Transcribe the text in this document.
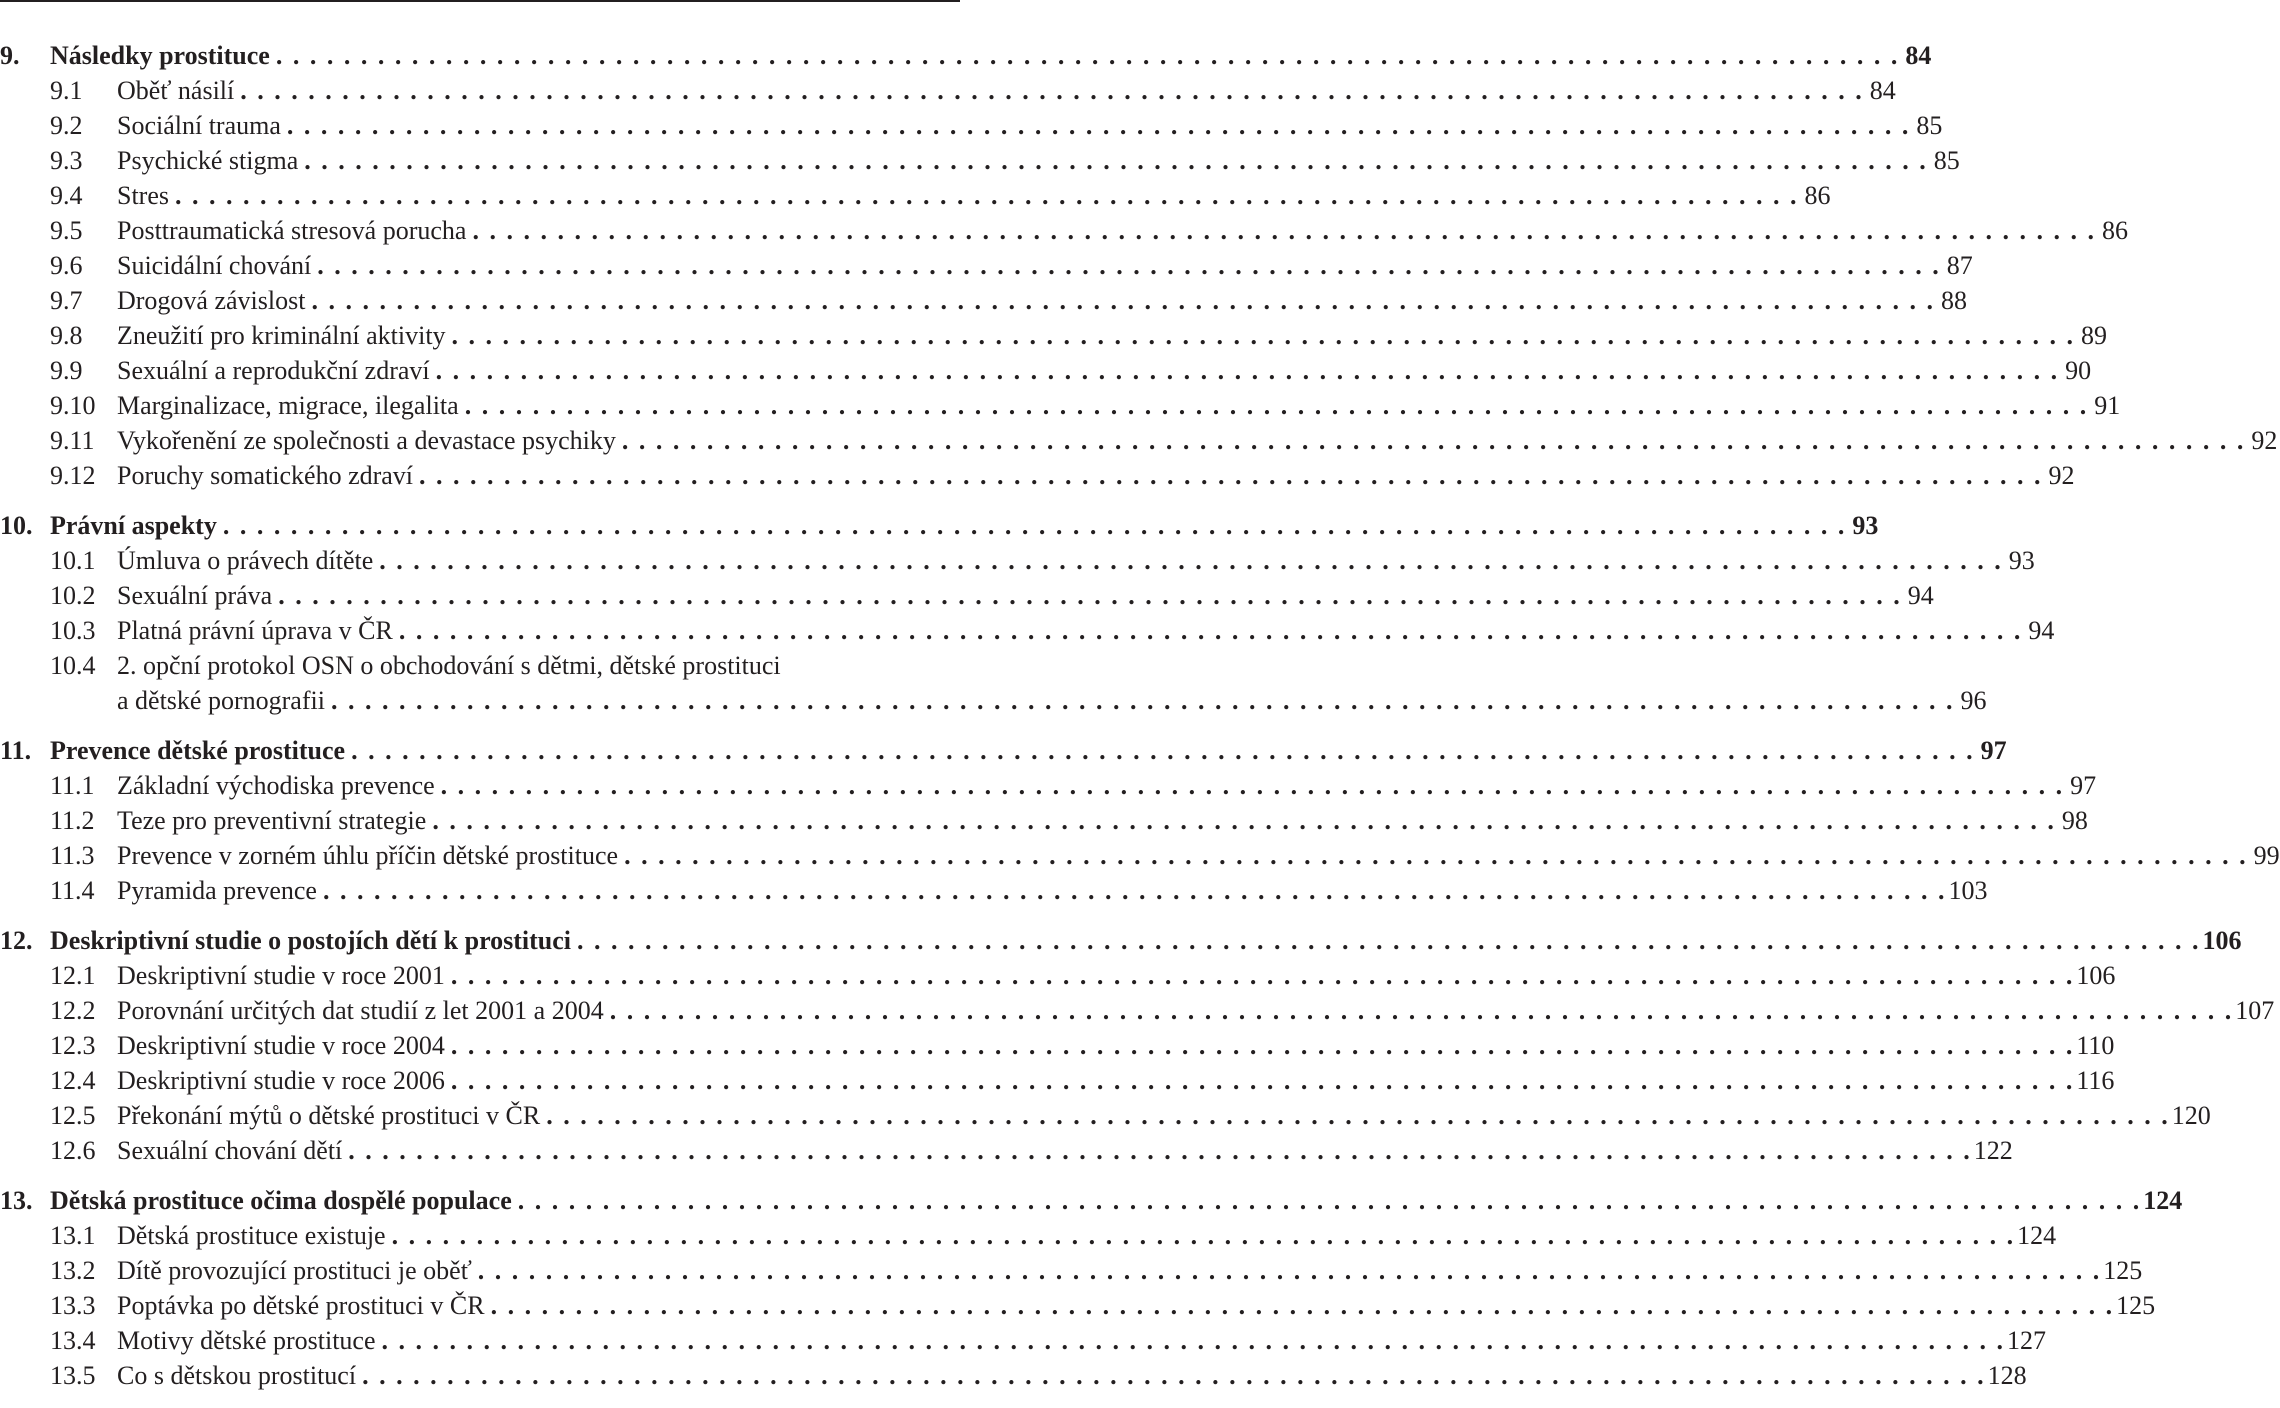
9.	Následky prostituce . . .	84
9.1	Oběť násilí . . .	84
9.2	Sociální trauma . . .	85
9.3	Psychické stigma . . .	85
9.4	Stres . . .	86
9.5	Posttraumatická stresová porucha . . .	86
9.6	Suicidální chování . . .	87
9.7	Drogová závislost . . .	88
9.8	Zneužití pro kriminální aktivity . . .	89
9.9	Sexuální a reprodukční zdraví . . .	90
9.10 Marginalizace, migrace, ilegalita . . .	91
9.11 Vykořenění ze společnosti a devastace psychiky . . .	92
9.12 Poruchy somatického zdraví . . .	92
10. Právní aspekty . . .	93
10.1 Úmluva o právech dítěte . . .	93
10.2 Sexuální práva . . .	94
10.3 Platná právní úprava v ČR . . .	94
10.4 2. opční protokol OSN o obchodování s dětmi, dětské prostituci
a dětské pornografii . . .	96
11. Prevence dětské prostituce . . .	97
11.1 Základní východiska prevence . . .	97
11.2 Teze pro preventivní strategie . . .	98
11.3 Prevence v zorném úhlu příčin dětské prostituce . . .	99
11.4 Pyramida prevence . . .	103
12. Deskriptivní studie o postojích dětí k prostituci . . .	106
12.1 Deskriptivní studie v roce 2001 . . .	106
12.2 Porovnání určitých dat studií z let 2001 a 2004 . . .	107
12.3 Deskriptivní studie v roce 2004 . . .	110
12.4 Deskriptivní studie v roce 2006 . . .	116
12.5 Překonání mýtů o dětské prostituci v ČR . . .	120
12.6 Sexuální chování dětí . . .	122
13. Dětská prostituce očima dospělé populace . . .	124
13.1 Dětská prostituce existuje . . .	124
13.2 Dítě provozující prostituci je oběť . . .	125
13.3 Poptávka po dětské prostituci v ČR . . .	125
13.4 Motivy dětské prostituce . . .	127
13.5 Co s dětskou prostitucí . . .	128
